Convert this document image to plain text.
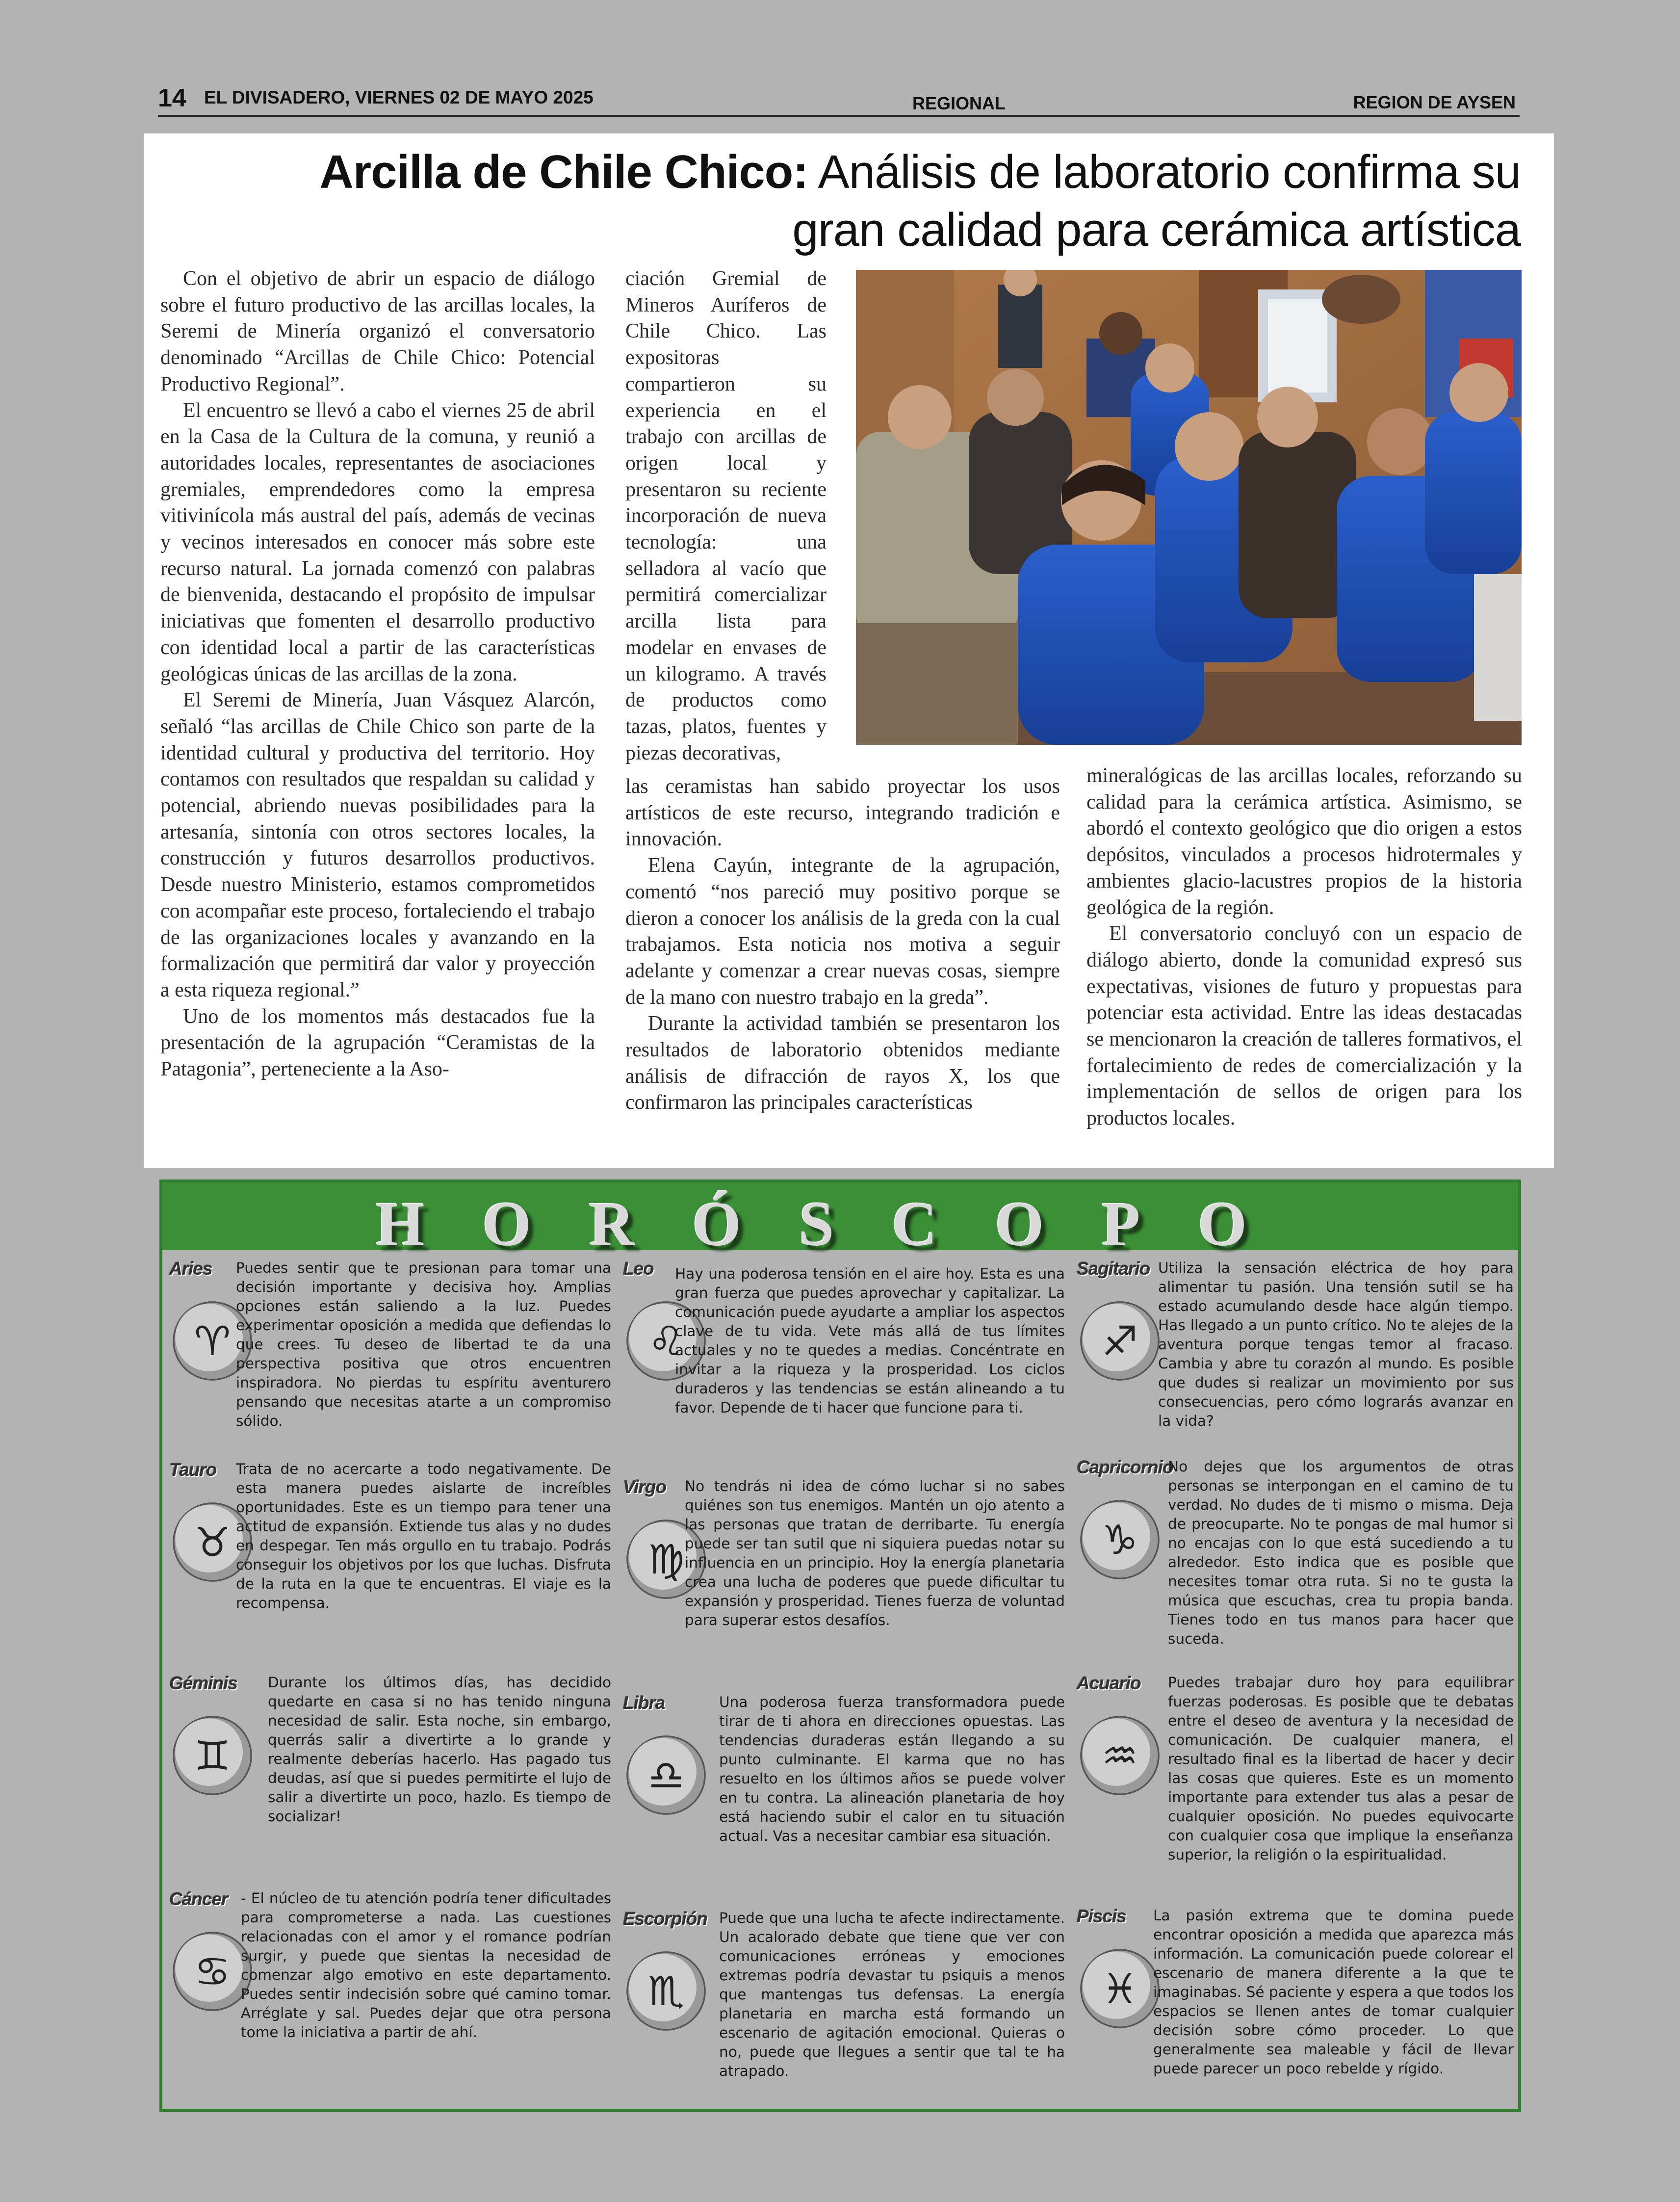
14 EL DIVISADERO, VIERNES 02 DE MAYO 2025	REGIONAL	REGION DE AYSEN
Arcilla de Chile Chico: Análisis de laboratorio confirma su gran calidad para cerámica artística

Con el objetivo de abrir un espacio de diálogo sobre el futuro productivo de las arcillas locales, la Seremi de Minería organizó el conversatorio denominado “Arcillas de Chile Chico: Potencial Productivo Regional”.

El encuentro se llevó a cabo el viernes 25 de abril en la Casa de la Cultura de la comuna, y reunió a autoridades locales, representantes de asociaciones gremiales, emprendedores como la empresa vitivinícola más austral del país, además de vecinas y vecinos interesados en conocer más sobre este recurso natural. La jornada comenzó con palabras de bienvenida, destacando el propósito de impulsar iniciativas que fomenten el desarrollo productivo con identidad local a partir de las características geológicas únicas de las arcillas de la zona.

El Seremi de Minería, Juan Vásquez Alarcón, señaló “las arcillas de Chile Chico son parte de la identidad cultural y productiva del territorio. Hoy contamos con resultados que respaldan su calidad y potencial, abriendo nuevas posibilidades para la artesanía, sintonía con otros sectores locales, la construcción y futuros desarrollos productivos. Desde nuestro Ministerio, estamos comprometidos con acompañar este proceso, fortaleciendo el trabajo de las organizaciones locales y avanzando en la formalización que permitirá dar valor y proyección a esta riqueza regional.”

Uno de los momentos más destacados fue la presentación de la agrupación “Ceramistas de la Patagonia”, perteneciente a la Aso-

ciación Gremial de Mineros Auríferos de Chile Chico. Las expositoras compartieron su experiencia en el trabajo con arcillas de origen local y presentaron su reciente incorporación de nueva tecnología: una selladora al vacío que permitirá comercializar arcilla lista para modelar en envases de un kilogramo. A través de productos como tazas, platos, fuentes y piezas decorativas,

las ceramistas han sabido proyectar los usos artísticos de este recurso, integrando tradición e innovación.

Elena Cayún, integrante de la agrupación, comentó “nos pareció muy positivo porque se dieron a conocer los análisis de la greda con la cual trabajamos. Esta noticia nos motiva a seguir adelante y comenzar a crear nuevas cosas, siempre de la mano con nuestro trabajo en la greda”.

Durante la actividad también se presentaron los resultados de laboratorio obtenidos mediante análisis de difracción de rayos X, los que confirmaron las principales características

mineralógicas de las arcillas locales, reforzando su calidad para la cerámica artística. Asimismo, se abordó el contexto geológico que dio origen a estos depósitos, vinculados a procesos hidrotermales y ambientes glacio-lacustres propios de la historia geológica de la región.

El conversatorio concluyó con un espacio de diálogo abierto, donde la comunidad expresó sus expectativas, visiones de futuro y propuestas para potenciar esta actividad. Entre las ideas destacadas se mencionaron la creación de talleres formativos, el fortalecimiento de redes de comercialización y la implementación de sellos de origen para los productos locales.

HORÓSCOPO
Aries
♈
Puedes sentir que te presionan para tomar una decisión importante y decisiva hoy. Amplias opciones están saliendo a la luz. Puedes experimentar oposición a medida que defiendas lo que crees. Tu deseo de libertad te da una perspectiva positiva que otros encuentren inspiradora. No pierdas tu espíritu aventurero pensando que necesitas atarte a un compromiso sólido.
Tauro
♉
Trata de no acercarte a todo negativamente. De esta manera puedes aislarte de increíbles oportunidades. Este es un tiempo para tener una actitud de expansión. Extiende tus alas y no dudes en despegar. Ten más orgullo en tu trabajo. Podrás conseguir los objetivos por los que luchas. Disfruta de la ruta en la que te encuentras. El viaje es la recompensa.
Géminis
♊
Durante los últimos días, has decidido quedarte en casa si no has tenido ninguna necesidad de salir. Esta noche, sin embargo, querrás salir a divertirte a lo grande y realmente deberías hacerlo. Has pagado tus deudas, así que si puedes permitirte el lujo de salir a divertirte un poco, hazlo. Es tiempo de socializar!
Cáncer
♋
- El núcleo de tu atención podría tener dificultades para comprometerse a nada. Las cuestiones relacionadas con el amor y el romance podrían surgir, y puede que sientas la necesidad de comenzar algo emotivo en este departamento. Puedes sentir indecisión sobre qué camino tomar. Arréglate y sal. Puedes dejar que otra persona tome la iniciativa a partir de ahí.
Leo
♌
Hay una poderosa tensión en el aire hoy. Esta es una gran fuerza que puedes aprovechar y capitalizar. La comunicación puede ayudarte a ampliar los aspectos clave de tu vida. Vete más allá de tus límites actuales y no te quedes a medias. Concéntrate en invitar a la riqueza y la prosperidad. Los ciclos duraderos y las tendencias se están alineando a tu favor. Depende de ti hacer que funcione para ti.
Virgo
♍
No tendrás ni idea de cómo luchar si no sabes quiénes son tus enemigos. Mantén un ojo atento a las personas que tratan de derribarte. Tu energía puede ser tan sutil que ni siquiera puedas notar su influencia en un principio. Hoy la energía planetaria crea una lucha de poderes que puede dificultar tu expansión y prosperidad. Tienes fuerza de voluntad para superar estos desafíos.
Libra
♎
Una poderosa fuerza transformadora puede tirar de ti ahora en direcciones opuestas. Las tendencias duraderas están llegando a su punto culminante. El karma que no has resuelto en los últimos años se puede volver en tu contra. La alineación planetaria de hoy está haciendo subir el calor en tu situación actual. Vas a necesitar cambiar esa situación.
Escorpión
♏
Puede que una lucha te afecte indirectamente. Un acalorado debate que tiene que ver con comunicaciones erróneas y emociones extremas podría devastar tu psiquis a menos que mantengas tus defensas. La energía planetaria en marcha está formando un escenario de agitación emocional. Quieras o no, puede que llegues a sentir que tal te ha atrapado.
Sagitario
♐
Utiliza la sensación eléctrica de hoy para alimentar tu pasión. Una tensión sutil se ha estado acumulando desde hace algún tiempo. Has llegado a un punto crítico. No te alejes de la aventura porque tengas temor al fracaso. Cambia y abre tu corazón al mundo. Es posible que dudes si realizar un movimiento por sus consecuencias, pero cómo lograrás avanzar en la vida?
Capricornio
♑
No dejes que los argumentos de otras personas se interpongan en el camino de tu verdad. No dudes de ti mismo o misma. Deja de preocuparte. No te pongas de mal humor si no encajas con lo que está sucediendo a tu alrededor. Esto indica que es posible que necesites tomar otra ruta. Si no te gusta la música que escuchas, crea tu propia banda. Tienes todo en tus manos para hacer que suceda.
Acuario
♒
Puedes trabajar duro hoy para equilibrar fuerzas poderosas. Es posible que te debatas entre el deseo de aventura y la necesidad de comunicación. De cualquier manera, el resultado final es la libertad de hacer y decir las cosas que quieres. Este es un momento importante para extender tus alas a pesar de cualquier oposición. No puedes equivocarte con cualquier cosa que implique la enseñanza superior, la religión o la espiritualidad.
Piscis
♓
La pasión extrema que te domina puede encontrar oposición a medida que aparezca más información. La comunicación puede colorear el escenario de manera diferente a la que te imaginabas. Sé paciente y espera a que todos los espacios se llenen antes de tomar cualquier decisión sobre cómo proceder. Lo que generalmente sea maleable y fácil de llevar puede parecer un poco rebelde y rígido.
